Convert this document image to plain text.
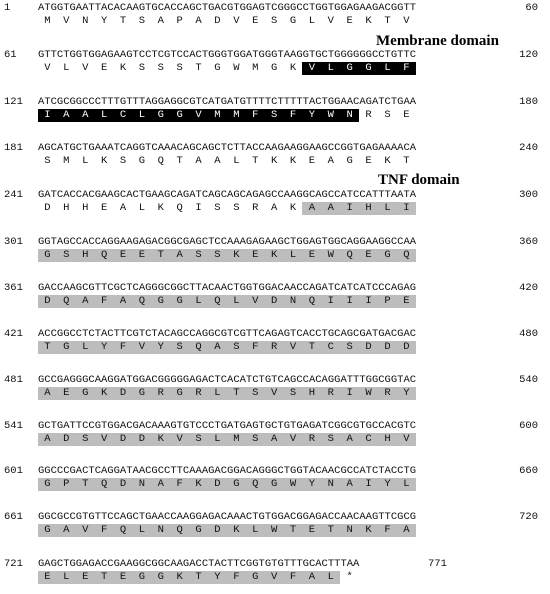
Membrane domain
TNF domain
1	ATGGTGAATTACACAAGTGCACCAGCTGACGTGGAGTCGGGCCTGGTGGAGAAGACGGTT	60
M V N Y T S A P A D V E S G L V E K T V
61 GTTCTGGTGGAGAAGTCCTCGTCCACTGGGTGGATGGGTAAGGTGCTGGGGGGCCTGTTC	120
V L V E K S S S T G W M G K V L G G L F
121 ATCGCGGCCCTTTGTTTAGGAGGCGTCATGATGTTTTCTTTTTACTGGAACAGATCTGAA	180
I A A L C L G G V M M F S F Y W N R S E
181 AGCATGCTGAAATCAGGTCAAACAGCAGCTCTTACCAAGAAGGAAGCCGGTGAGAAAACA	240
S M L K S G Q T A A L T K K E A G E K T
241 GATCACCACGAAGCACTGAAGCAGATCAGCAGCAGAGCCAAGGCAGCCATCCATTTAATA	300
D H H E A L K Q I S S R A K A A I H L I
301 GGTAGCCACCAGGAAGAGACGGCGAGCTCCAAAGAGAAGCTGGAGTGGCAGGAAGGCCAA	360
G S H Q E E T A S S K E K L E W Q E G Q
361 GACCAAGCGTTCGCTCAGGGCGGCTTACAACTGGTGGACAACCAGATCATCATCCCAGAG	420
D Q A F A Q G G L Q L V D N Q I I I P E
421 ACCGGCCTCTACTTCGTCTACAGCCAGGCGTCGTTCAGAGTCACCTGCAGCGATGACGAC	480
T G L Y F V Y S Q A S F R V T C S D D D
481 GCCGAGGGCAAGGATGGACGGGGGAGACTCACATCTGTCAGCCACAGGATTTGGCGGTAC	540
A E G K D G R G R L T S V S H R I W R Y
541 GCTGATTCCGTGGACGACAAAGTGTCCCTGATGAGTGCTGTGAGATCGGCGTGCCACGTC	600
A D S V D D K V S L M S A V R S A C H V
601 GGCCCGACTCAGGATAACGCCTTCAAAGACGGACAGGGCTGGTACAACGCCATCTACCTG	660
G P T Q D N A F K D G Q G W Y N A I Y L
661 GGCGCCGTGTTCCAGCTGAACCAAGGAGACAAACTGTGGACGGAGACCAACAAGTTCGCG	720
G A V F Q L N Q G D K L W T E T N K F A
721 GAGCTGGAGACCGAAGGCGGCAAGACCTACTTCGGTGTGTTTGCACTTTAA	771
E L E T E G G K T Y F G V F A L *
